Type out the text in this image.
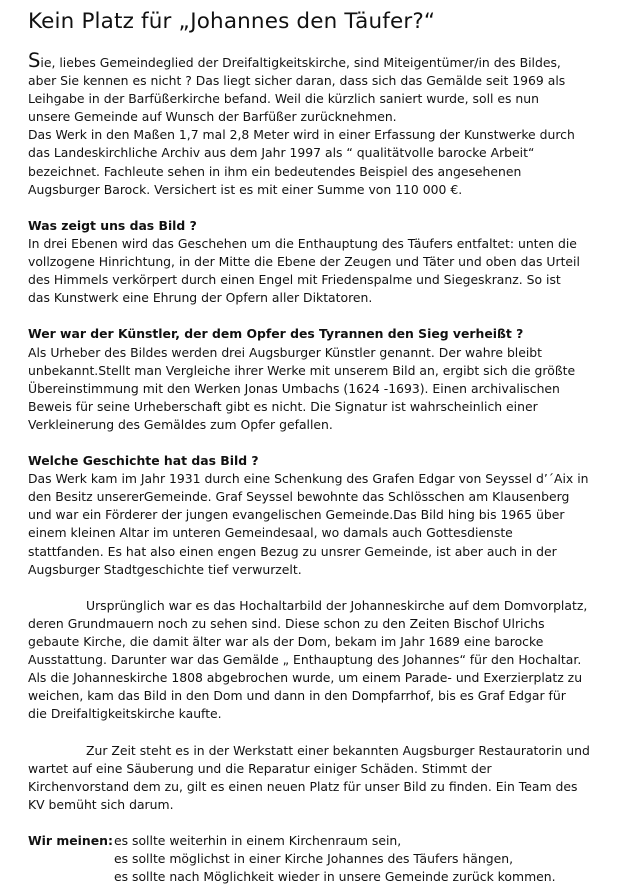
Kein Platz für „Johannes den Täufer?“

Sie, liebes Gemeindeglied der Dreifaltigkeitskirche, sind Miteigentümer/in des Bildes,
aber Sie kennen es nicht ? Das liegt sicher daran, dass sich das Gemälde seit 1969 als
Leihgabe in der Barfüßerkirche befand. Weil die kürzlich saniert wurde, soll es nun
unsere Gemeinde auf Wunsch der Barfüßer zurücknehmen.
Das Werk in den Maßen 1,7 mal 2,8 Meter wird in einer Erfassung der Kunstwerke durch
das Landeskirchliche Archiv aus dem Jahr 1997 als “ qualitätvolle barocke Arbeit“
bezeichnet. Fachleute sehen in ihm ein bedeutendes Beispiel des angesehenen
Augsburger Barock. Versichert ist es mit einer Summe von 110 000 €.

Was zeigt uns das Bild ?
In drei Ebenen wird das Geschehen um die Enthauptung des Täufers entfaltet: unten die
vollzogene Hinrichtung, in der Mitte die Ebene der Zeugen und Täter und oben das Urteil
des Himmels verkörpert durch einen Engel mit Friedenspalme und Siegeskranz. So ist
das Kunstwerk eine Ehrung der Opfern aller Diktatoren.

Wer war der Künstler, der dem Opfer des Tyrannen den Sieg verheißt ?
Als Urheber des Bildes werden drei Augsburger Künstler genannt. Der wahre bleibt
unbekannt.Stellt man Vergleiche ihrer Werke mit unserem Bild an, ergibt sich die größte
Übereinstimmung mit den Werken Jonas Umbachs (1624 -1693). Einen archivalischen
Beweis für seine Urheberschaft gibt es nicht. Die Signatur ist wahrscheinlich einer
Verkleinerung des Gemäldes zum Opfer gefallen.

Welche Geschichte hat das Bild ?
Das Werk kam im Jahr 1931 durch eine Schenkung des Grafen Edgar von Seyssel d’´Aix in
den Besitz unsererGemeinde. Graf Seyssel bewohnte das Schlösschen am Klausenberg
und war ein Förderer der jungen evangelischen Gemeinde.Das Bild hing bis 1965 über
einem kleinen Altar im unteren Gemeindesaal, wo damals auch Gottesdienste
stattfanden. Es hat also einen engen Bezug zu unsrer Gemeinde, ist aber auch in der
Augsburger Stadtgeschichte tief verwurzelt.

Ursprünglich war es das Hochaltarbild der Johanneskirche auf dem Domvorplatz,
deren Grundmauern noch zu sehen sind. Diese schon zu den Zeiten Bischof Ulrichs
gebaute Kirche, die damit älter war als der Dom, bekam im Jahr 1689 eine barocke
Ausstattung. Darunter war das Gemälde „ Enthauptung des Johannes“ für den Hochaltar.
Als die Johanneskirche 1808 abgebrochen wurde, um einem Parade- und Exerzierplatz zu
weichen, kam das Bild in den Dom und dann in den Dompfarrhof, bis es Graf Edgar für
die Dreifaltigkeitskirche kaufte.

Zur Zeit steht es in der Werkstatt einer bekannten Augsburger Restauratorin und
wartet auf eine Säuberung und die Reparatur einiger Schäden. Stimmt der
Kirchenvorstand dem zu, gilt es einen neuen Platz für unser Bild zu finden. Ein Team des
KV bemüht sich darum.

Wir meinen: es sollte weiterhin in einem Kirchenraum sein,
es sollte möglichst in einer Kirche Johannes des Täufers hängen,
es sollte nach Möglichkeit wieder in unsere Gemeinde zurück kommen.
